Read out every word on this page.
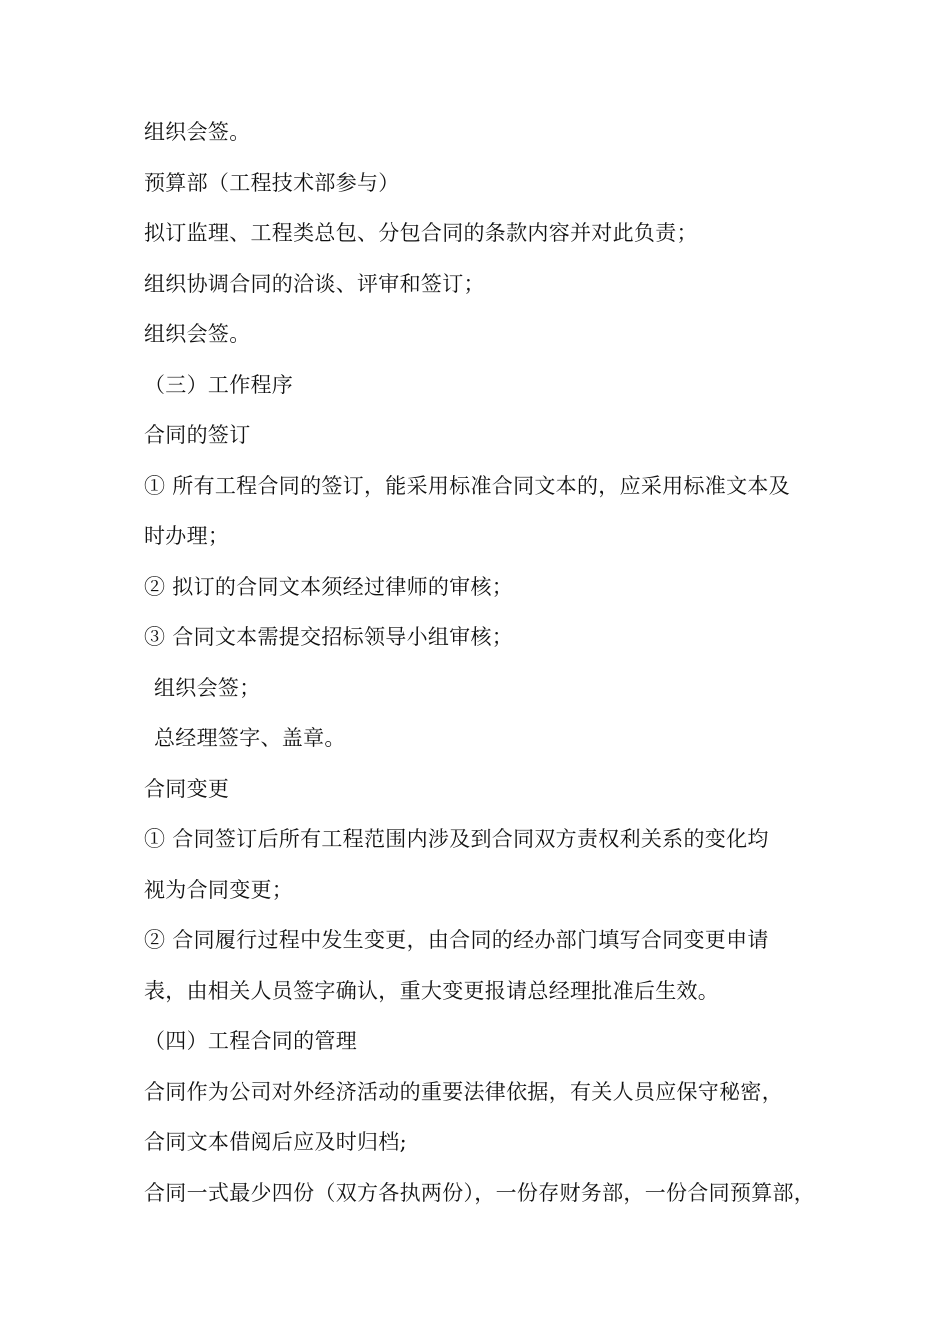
组织会签。
预算部（工程技术部参与）
拟订监理、工程类总包、分包合同的条款内容并对此负责；
组织协调合同的洽谈、评审和签订；
组织会签。
（三）工作程序
合同的签订
① 所有工程合同的签订，能采用标准合同文本的，应采用标准文本及
时办理；
② 拟订的合同文本须经过律师的审核；
③ 合同文本需提交招标领导小组审核；
组织会签；
总经理签字、盖章。
合同变更
① 合同签订后所有工程范围内涉及到合同双方责权利关系的变化均
视为合同变更；
② 合同履行过程中发生变更，由合同的经办部门填写合同变更申请
表，由相关人员签字确认，重大变更报请总经理批准后生效。
（四）工程合同的管理
合同作为公司对外经济活动的重要法律依据，有关人员应保守秘密，
合同文本借阅后应及时归档;
合同一式最少四份（双方各执两份），一份存财务部，一份合同预算部，
